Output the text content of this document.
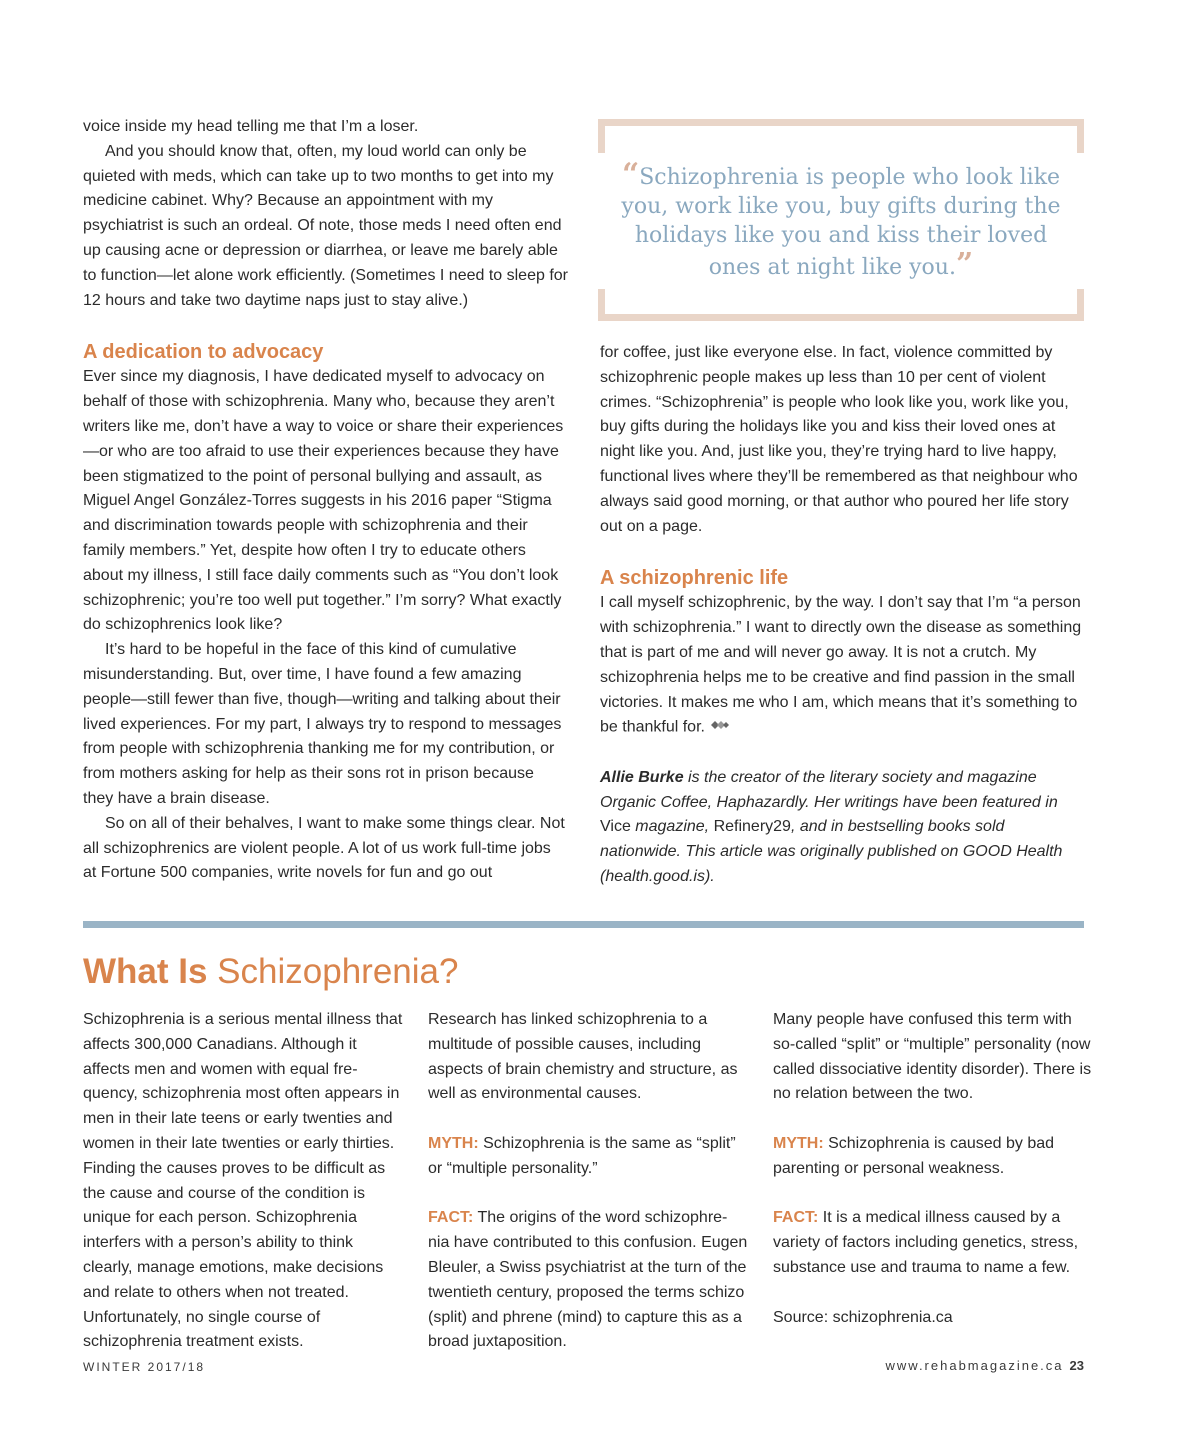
voice inside my head telling me that I’m a loser.

And you should know that, often, my loud world can only be quieted with meds, which can take up to two months to get into my medicine cabinet. Why? Because an appointment with my psychiatrist is such an ordeal. Of note, those meds I need often end up causing acne or depression or diarrhea, or leave me barely able to function—let alone work efficiently. (Sometimes I need to sleep for 12 hours and take two daytime naps just to stay alive.)

A dedication to advocacy

Ever since my diagnosis, I have dedicated myself to advocacy on behalf of those with schizophrenia. Many who, because they aren’t writers like me, don’t have a way to voice or share their experiences—or who are too afraid to use their experiences because they have been stigmatized to the point of personal bullying and assault, as Miguel Angel González-Torres suggests in his 2016 paper “Stigma and discrimination towards people with schizophrenia and their family members.” Yet, despite how often I try to educate others about my illness, I still face daily comments such as “You don’t look schizophrenic; you’re too well put together.” I’m sorry? What exactly do schizophrenics look like?

It’s hard to be hopeful in the face of this kind of cumulative misunderstanding. But, over time, I have found a few amazing people—still fewer than five, though—writing and talking about their lived experiences. For my part, I always try to respond to messages from people with schizophrenia thanking me for my contribution, or from mothers asking for help as their sons rot in prison because they have a brain disease.

So on all of their behalves, I want to make some things clear. Not all schizophrenics are violent people. A lot of us work full-time jobs at Fortune 500 companies, write novels for fun and go out

“Schizophrenia is people who look like you, work like you, buy gifts during the holidays like you and kiss their loved ones at night like you.”

for coffee, just like everyone else. In fact, violence committed by schizophrenic people makes up less than 10 per cent of violent crimes. “Schizophrenia” is people who look like you, work like you, buy gifts during the holidays like you and kiss their loved ones at night like you. And, just like you, they’re trying hard to live happy, functional lives where they’ll be remembered as that neighbour who always said good morning, or that author who poured her life story out on a page.

A schizophrenic life

I call myself schizophrenic, by the way. I don’t say that I’m “a person with schizophrenia.” I want to directly own the disease as something that is part of me and will never go away. It is not a crutch. My schizophrenia helps me to be creative and find passion in the small victories. It makes me who I am, which means that it’s something to be thankful for.

Allie Burke is the creator of the literary society and magazine Organic Coffee, Haphazardly. Her writings have been featured in Vice magazine, Refinery29, and in bestselling books sold nationwide. This article was originally published on GOOD Health (health.good.is).

What Is Schizophrenia?

Schizophrenia is a serious mental illness that affects 300,000 Canadians. Although it affects men and women with equal fre-quency, schizophrenia most often appears in men in their late teens or early twenties and women in their late twenties or early thirties. Finding the causes proves to be difficult as the cause and course of the condition is unique for each person. Schizophrenia interfers with a person’s ability to think clearly, manage emotions, make decisions and relate to others when not treated. Unfortunately, no single course of schizophrenia treatment exists.

Research has linked schizophrenia to a multitude of possible causes, including aspects of brain chemistry and structure, as well as environmental causes.

MYTH: Schizophrenia is the same as “split” or “multiple personality.”

FACT: The origins of the word schizophre-nia have contributed to this confusion. Eugen Bleuler, a Swiss psychiatrist at the turn of the twentieth century, proposed the terms schizo (split) and phrene (mind) to capture this as a broad juxtaposition.

Many people have confused this term with so-called “split” or “multiple” personality (now called dissociative identity disorder). There is no relation between the two.

MYTH: Schizophrenia is caused by bad parenting or personal weakness.

FACT: It is a medical illness caused by a variety of factors including genetics, stress, substance use and trauma to name a few.

Source: schizophrenia.ca

WINTER 2017/18	www.rehabmagazine.ca 23
